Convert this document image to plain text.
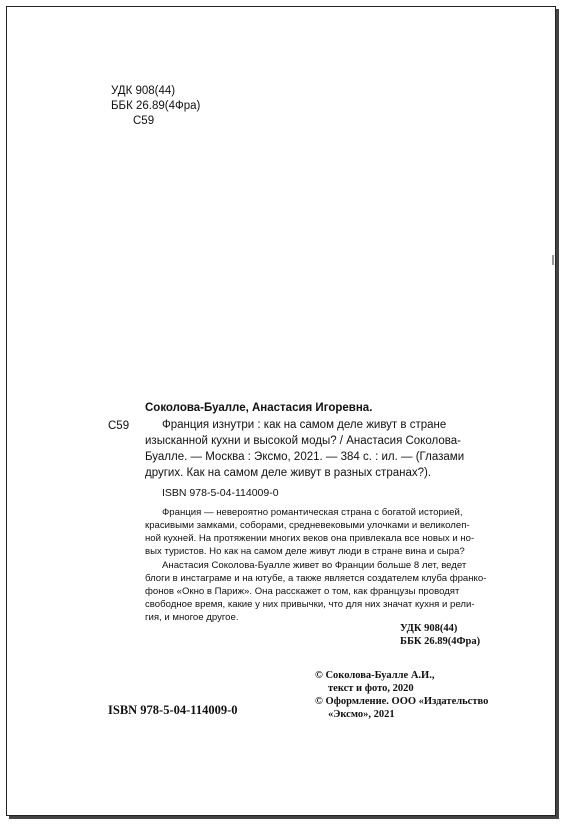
УДК 908(44)
ББК 26.89(4Фра)
С59
Соколова-Буалле, Анастасия Игоревна.
С59	Франция изнутри : как на самом деле живут в стране
изысканной кухни и высокой моды? / Анастасия Соколова-
Буалле. — Москва : Эксмо, 2021. — 384 с. : ил. — (Глазами
других. Как на самом деле живут в разных странах?).
ISBN 978-5-04-114009-0
Франция — невероятно романтическая страна с богатой историей,
красивыми замками, соборами, средневековыми улочками и великолеп-
ной кухней. На протяжении многих веков она привлекала все новых и но-
вых туристов. Но как на самом деле живут люди в стране вина и сыра?
Анастасия Соколова-Буалле живет во Франции больше 8 лет, ведет
блоги в инстаграме и на ютубе, а также является создателем клуба франко-
фонов «Окно в Париж». Она расскажет о том, как французы проводят
свободное время, какие у них привычки, что для них значат кухня и рели-
гия, и многое другое.
УДК 908(44)
ББК 26.89(4Фра)
© Соколова-Буалле А.И.,
текст и фото, 2020
© Оформление. ООО «Издательство
«Эксмо», 2021
ISBN 978-5-04-114009-0
